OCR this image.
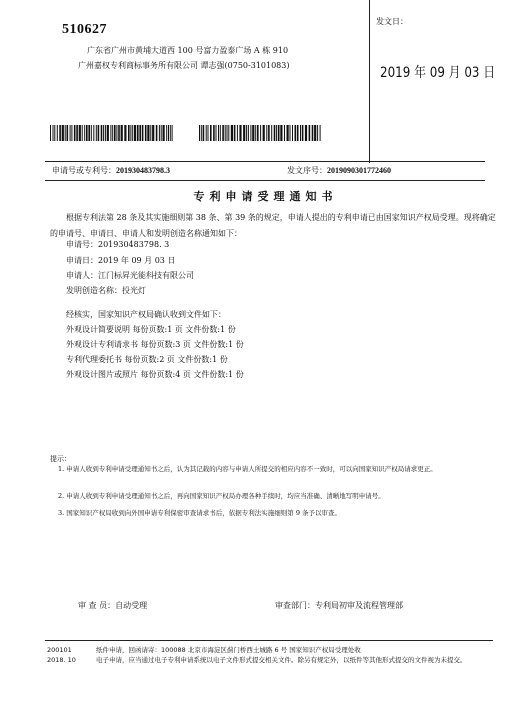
510627
广东省广州市黄埔大道西 100 号富力盈泰广场 A 栋 910
广州嘉权专利商标事务所有限公司 谭志强(0750-3101083)
发文日：
2019 年 09 月 03 日
申请号或专利号：201930483798.3	发文序号：2019090301772460
专利申请受理通知书
根据专利法第 28 条及其实施细则第 38 条、第 39 条的规定，申请人提出的专利申请已由国家知识产权局受理。现将确定的申请号、申请日、申请人和发明创造名称通知如下：
申请号：201930483798. 3
申请日：2019 年 09 月 03 日
申请人：江门标昇光能科技有限公司
发明创造名称：投光灯
经核实，国家知识产权局确认收到文件如下：
外观设计简要说明 每份页数:1 页 文件份数:1 份
外观设计专利请求书 每份页数:3 页 文件份数:1 份
专利代理委托书 每份页数:2 页 文件份数:1 份
外观设计图片或照片 每份页数:4 页 文件份数:1 份
提示：
1. 申请人收到专利申请受理通知书之后，认为其记载的内容与申请人所提交的相应内容不一致时，可以向国家知识产权局请求更正。
2. 申请人收到专利申请受理通知书之后，再向国家知识产权局办理各种手续时，均应当准确、清晰地写明申请号。
3. 国家知识产权局收到向外国申请专利保密审查请求书后，依据专利法实施细则第 9 条予以审查。
审 查 员：自动受理	审查部门：专利局初审及流程管理部
200101
2018. 10
纸件申请，回函请寄：100088 北京市海淀区蓟门桥西土城路 6 号 国家知识产权局受理处收
电子申请，应当通过电子专利申请系统以电子文件形式提交相关文件。除另有规定外，以纸件等其他形式提交的文件视为未提交。
